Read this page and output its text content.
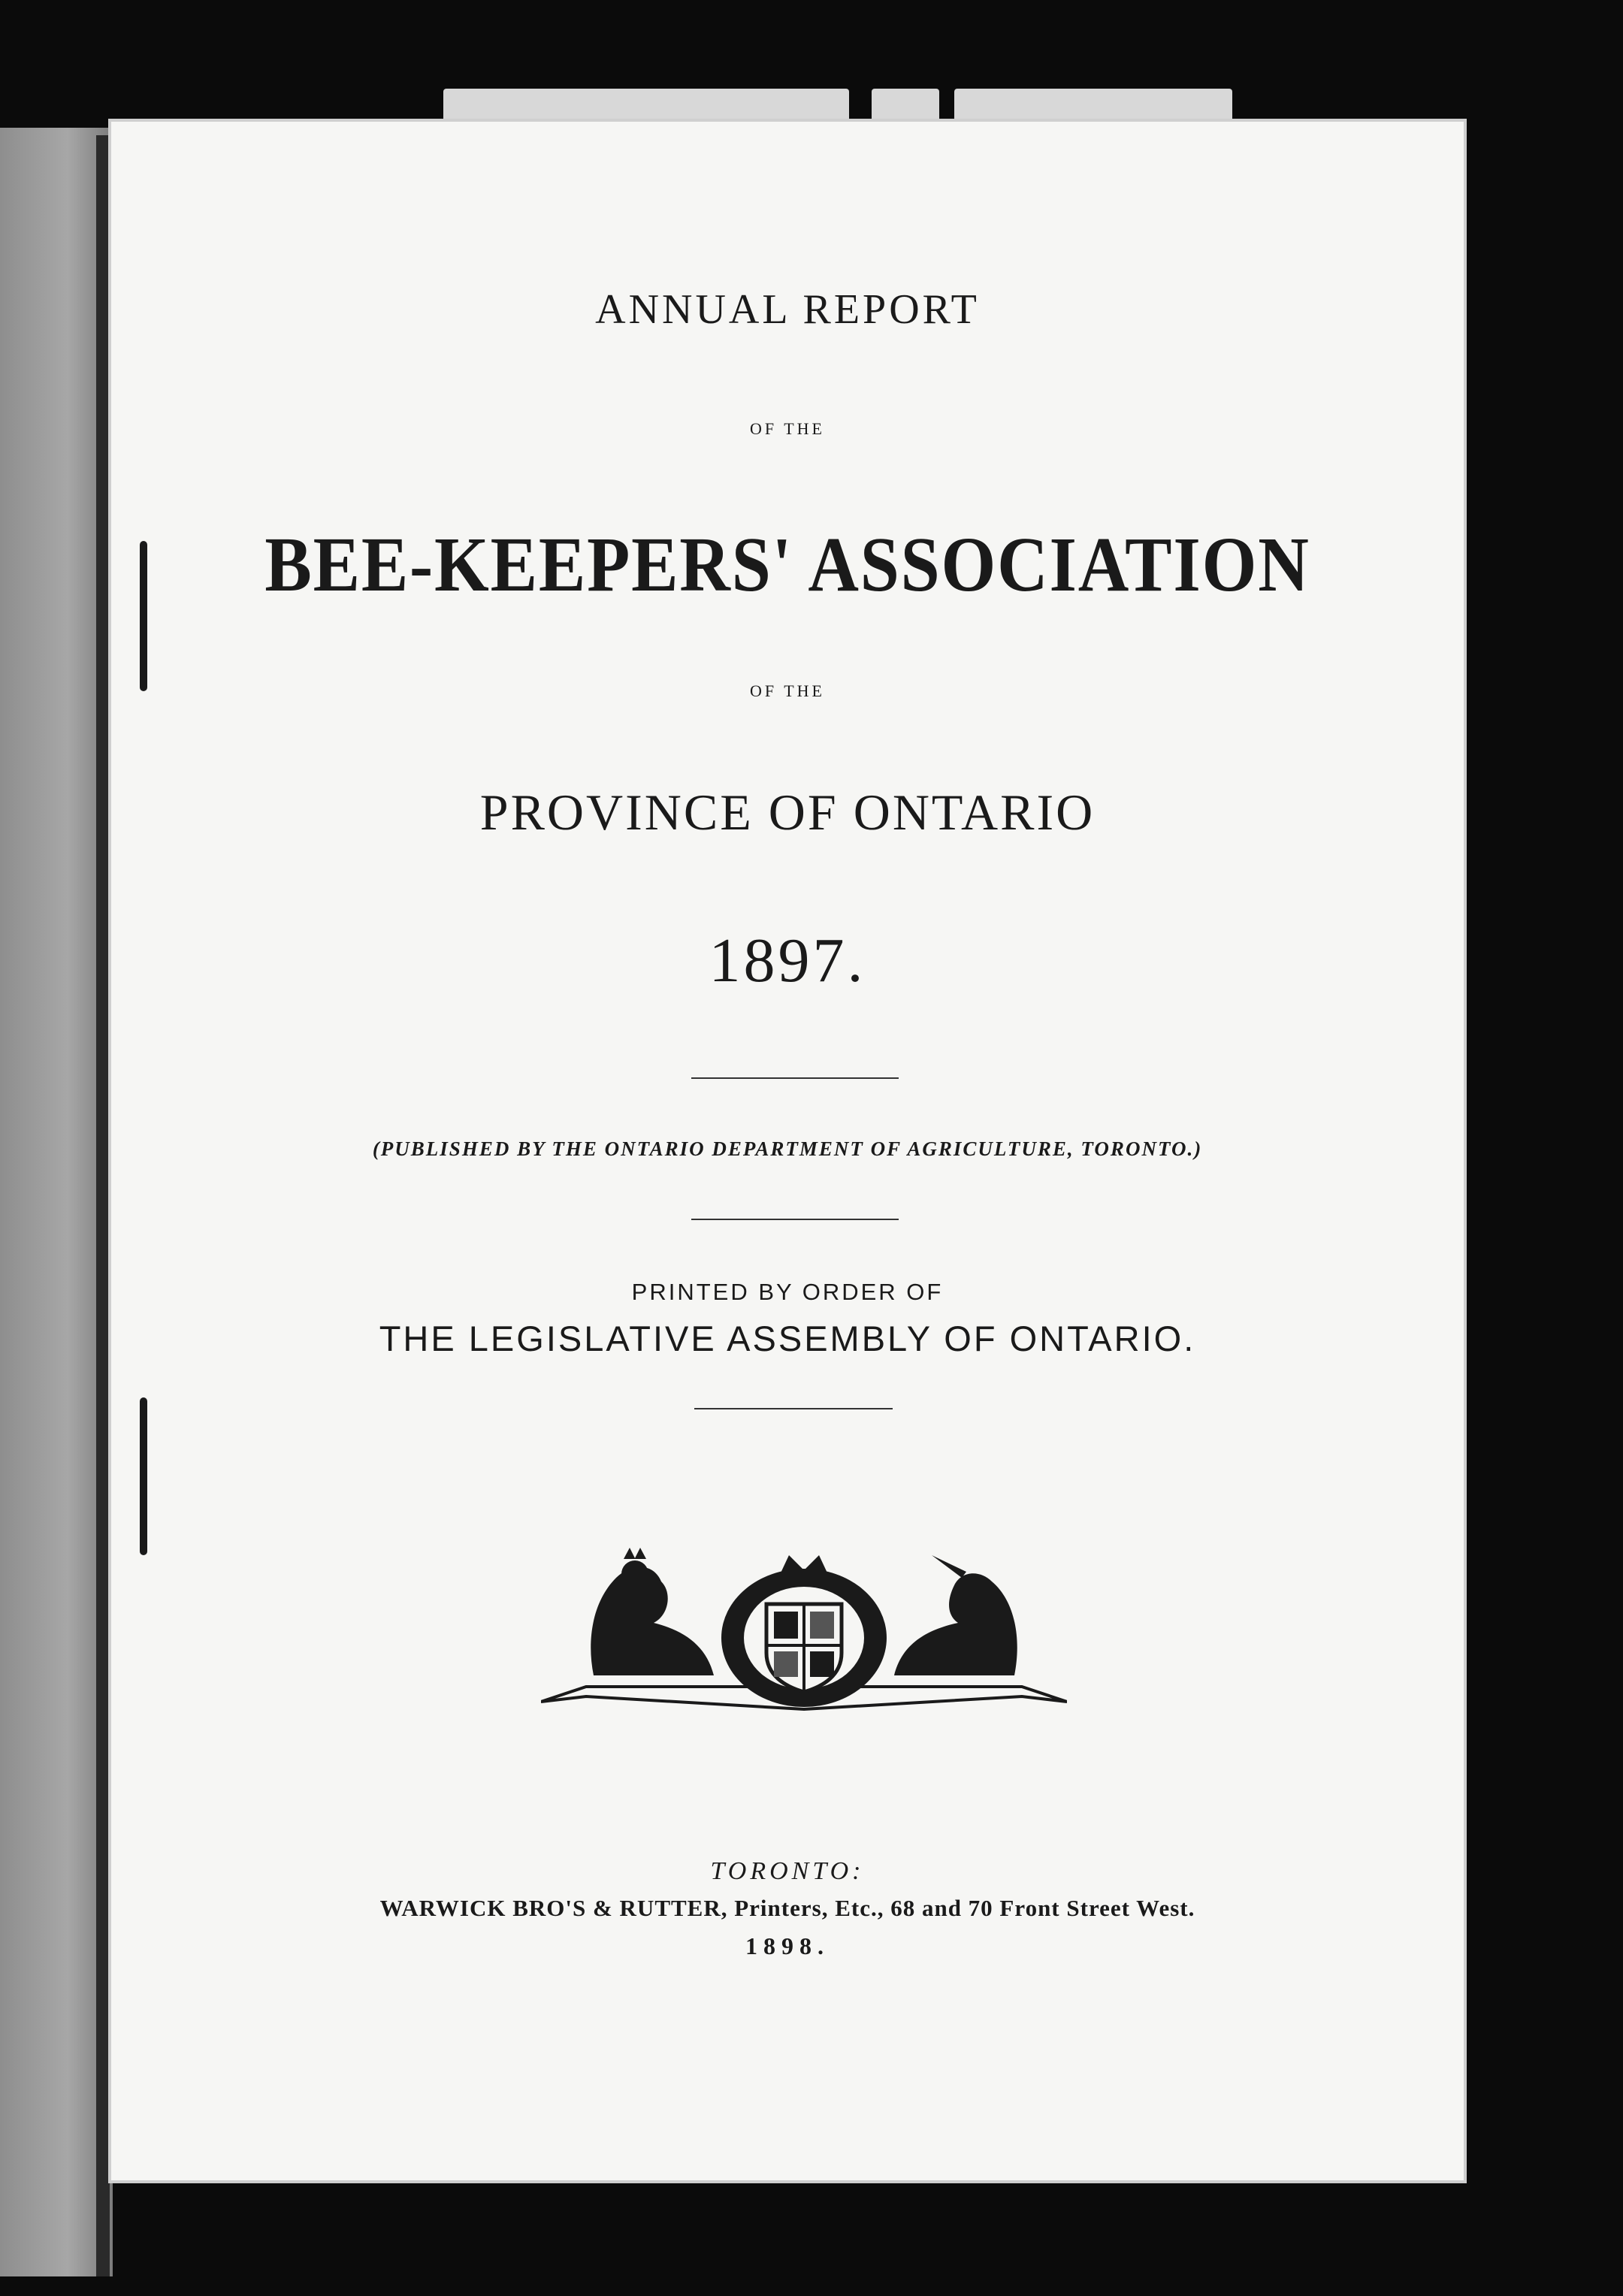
ANNUAL REPORT
OF THE
BEE-KEEPERS' ASSOCIATION
OF THE
PROVINCE OF ONTARIO
1897.
(PUBLISHED BY THE ONTARIO DEPARTMENT OF AGRICULTURE, TORONTO.)
PRINTED BY ORDER OF
THE LEGISLATIVE ASSEMBLY OF ONTARIO.
TORONTO:
WARWICK BRO'S & RUTTER, Printers, Etc., 68 and 70 Front Street West.
1898.
